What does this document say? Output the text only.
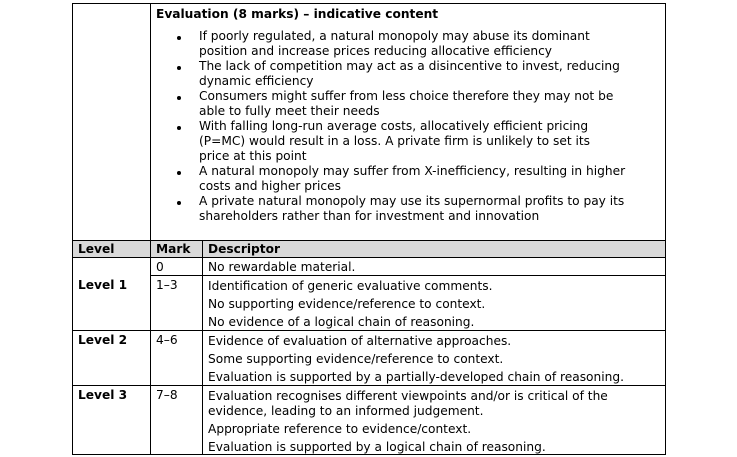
Evaluation (8 marks) – indicative content
If poorly regulated, a natural monopoly may abuse its dominant
position and increase prices reducing allocative efficiency
The lack of competition may act as a disincentive to invest, reducing
dynamic efficiency
Consumers might suffer from less choice therefore they may not be
able to fully meet their needs
With falling long-run average costs, allocatively efficient pricing
(P=MC) would result in a loss. A private firm is unlikely to set its
price at this point
A natural monopoly may suffer from X-inefficiency, resulting in higher
costs and higher prices
A private natural monopoly may use its supernormal profits to pay its
shareholders rather than for investment and innovation
Level	Mark Descriptor
0	No rewardable material.
Level 1 1–3 Identification of generic evaluative comments.
No supporting evidence/reference to context.
No evidence of a logical chain of reasoning.
Level 2 4–6 Evidence of evaluation of alternative approaches.
Some supporting evidence/reference to context.
Evaluation is supported by a partially-developed chain of reasoning.
Level 3 7–8 Evaluation recognises different viewpoints and/or is critical of the
evidence, leading to an informed judgement.
Appropriate reference to evidence/context.
Evaluation is supported by a logical chain of reasoning.
